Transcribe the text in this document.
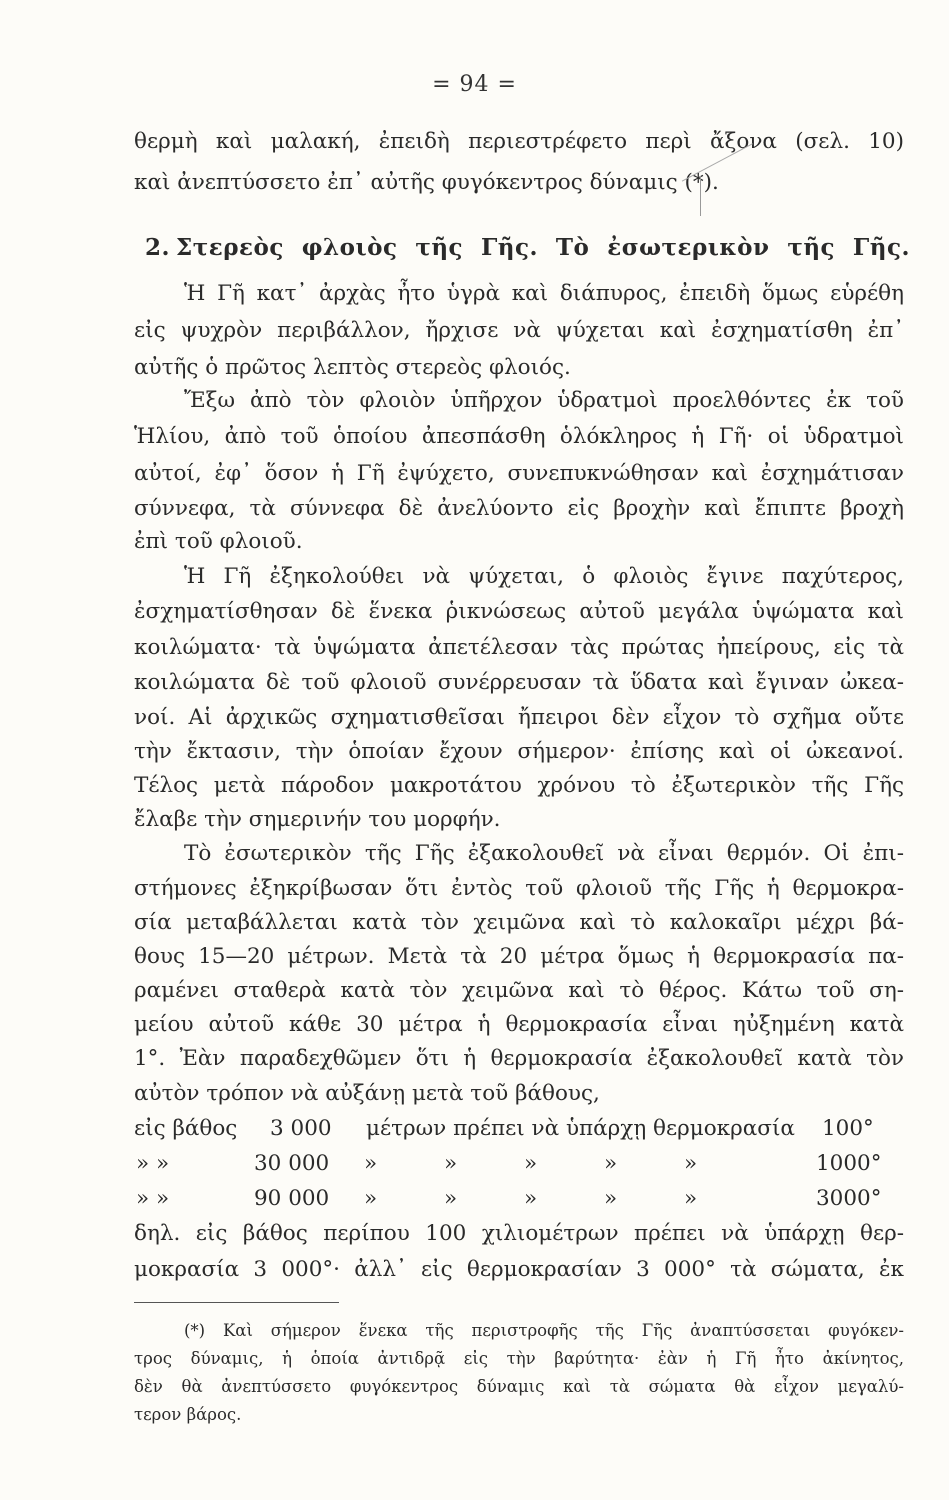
= 94 =
θερμὴ καὶ μαλακή, ἐπειδὴ περιεστρέφετο περὶ ἄξονα (σελ. 10)
καὶ ἀνεπτύσσετο ἐπ᾽ αὐτῆς φυγόκεντρος δύναμις (*).
2. Στερεὸς φλοιὸς τῆς Γῆς. Τὸ ἐσωτερικὸν τῆς Γῆς.
Ἡ Γῆ κατ᾽ ἀρχὰς ἦτο ὑγρὰ καὶ διάπυρος, ἐπειδὴ ὅμως εὑρέθη
εἰς ψυχρὸν περιβάλλον, ἤρχισε νὰ ψύχεται καὶ ἐσχηματίσθη ἐπ᾽
αὐτῆς ὁ πρῶτος λεπτὸς στερεὸς φλοιός.
Ἔξω ἀπὸ τὸν φλοιὸν ὑπῆρχον ὑδρατμοὶ προελθόντες ἐκ τοῦ
Ἡλίου, ἀπὸ τοῦ ὁποίου ἀπεσπάσθη ὁλόκληρος ἡ Γῆ· οἱ ὑδρατμοὶ
αὐτοί, ἐφ᾽ ὅσον ἡ Γῆ ἐψύχετο, συνεπυκνώθησαν καὶ ἐσχημάτισαν
σύννεφα, τὰ σύννεφα δὲ ἀνελύοντο εἰς βροχὴν καὶ ἔπιπτε βροχὴ
ἐπὶ τοῦ φλοιοῦ.
Ἡ Γῆ ἐξηκολούθει νὰ ψύχεται, ὁ φλοιὸς ἔγινε παχύτερος,
ἐσχηματίσθησαν δὲ ἕνεκα ῥικνώσεως αὐτοῦ μεγάλα ὑψώματα καὶ
κοιλώματα· τὰ ὑψώματα ἀπετέλεσαν τὰς πρώτας ἠπείρους, εἰς τὰ
κοιλώματα δὲ τοῦ φλοιοῦ συνέρρευσαν τὰ ὕδατα καὶ ἔγιναν ὠκεα-
νοί. Αἱ ἀρχικῶς σχηματισθεῖσαι ἤπειροι δὲν εἶχον τὸ σχῆμα οὔτε
τὴν ἔκτασιν, τὴν ὁποίαν ἔχουν σήμερον· ἐπίσης καὶ οἱ ὠκεανοί.
Τέλος μετὰ πάροδον μακροτάτου χρόνου τὸ ἐξωτερικὸν τῆς Γῆς
ἔλαβε τὴν σημερινήν του μορφήν.
Τὸ ἐσωτερικὸν τῆς Γῆς ἐξακολουθεῖ νὰ εἶναι θερμόν. Οἱ ἐπι-
στήμονες ἐξηκρίβωσαν ὅτι ἐντὸς τοῦ φλοιοῦ τῆς Γῆς ἡ θερμοκρα-
σία μεταβάλλεται κατὰ τὸν χειμῶνα καὶ τὸ καλοκαῖρι μέχρι βά-
θους 15—20 μέτρων. Μετὰ τὰ 20 μέτρα ὅμως ἡ θερμοκρασία πα-
ραμένει σταθερὰ κατὰ τὸν χειμῶνα καὶ τὸ θέρος. Κάτω τοῦ ση-
μείου αὐτοῦ κάθε 30 μέτρα ἡ θερμοκρασία εἶναι ηὐξημένη κατὰ
1°. Ἐὰν παραδεχθῶμεν ὅτι ἡ θερμοκρασία ἐξακολουθεῖ κατὰ τὸν
αὐτὸν τρόπον νὰ αὐξάνῃ μετὰ τοῦ βάθους,
εἰς βάθος 3 000 μέτρων πρέπει νὰ ὑπάρχῃ θερμοκρασία 100°
» »	30 000 » » » » »	1000°
» »	90 000 » » » » »	3000°
δηλ. εἰς βάθος περίπου 100 χιλιομέτρων πρέπει νὰ ὑπάρχῃ θερ-
μοκρασία 3 000°· ἀλλ᾽ εἰς θερμοκρασίαν 3 000° τὰ σώματα, ἐκ
(*) Καὶ σήμερον ἕνεκα τῆς περιστροφῆς τῆς Γῆς ἀναπτύσσεται φυγόκεν-
τρος δύναμις, ἡ ὁποία ἀντιδρᾷ εἰς τὴν βαρύτητα· ἐὰν ἡ Γῆ ἦτο ἀκίνητος,
δὲν θὰ ἀνεπτύσσετο φυγόκεντρος δύναμις καὶ τὰ σώματα θὰ εἶχον μεγαλύ-
τερον βάρος.
